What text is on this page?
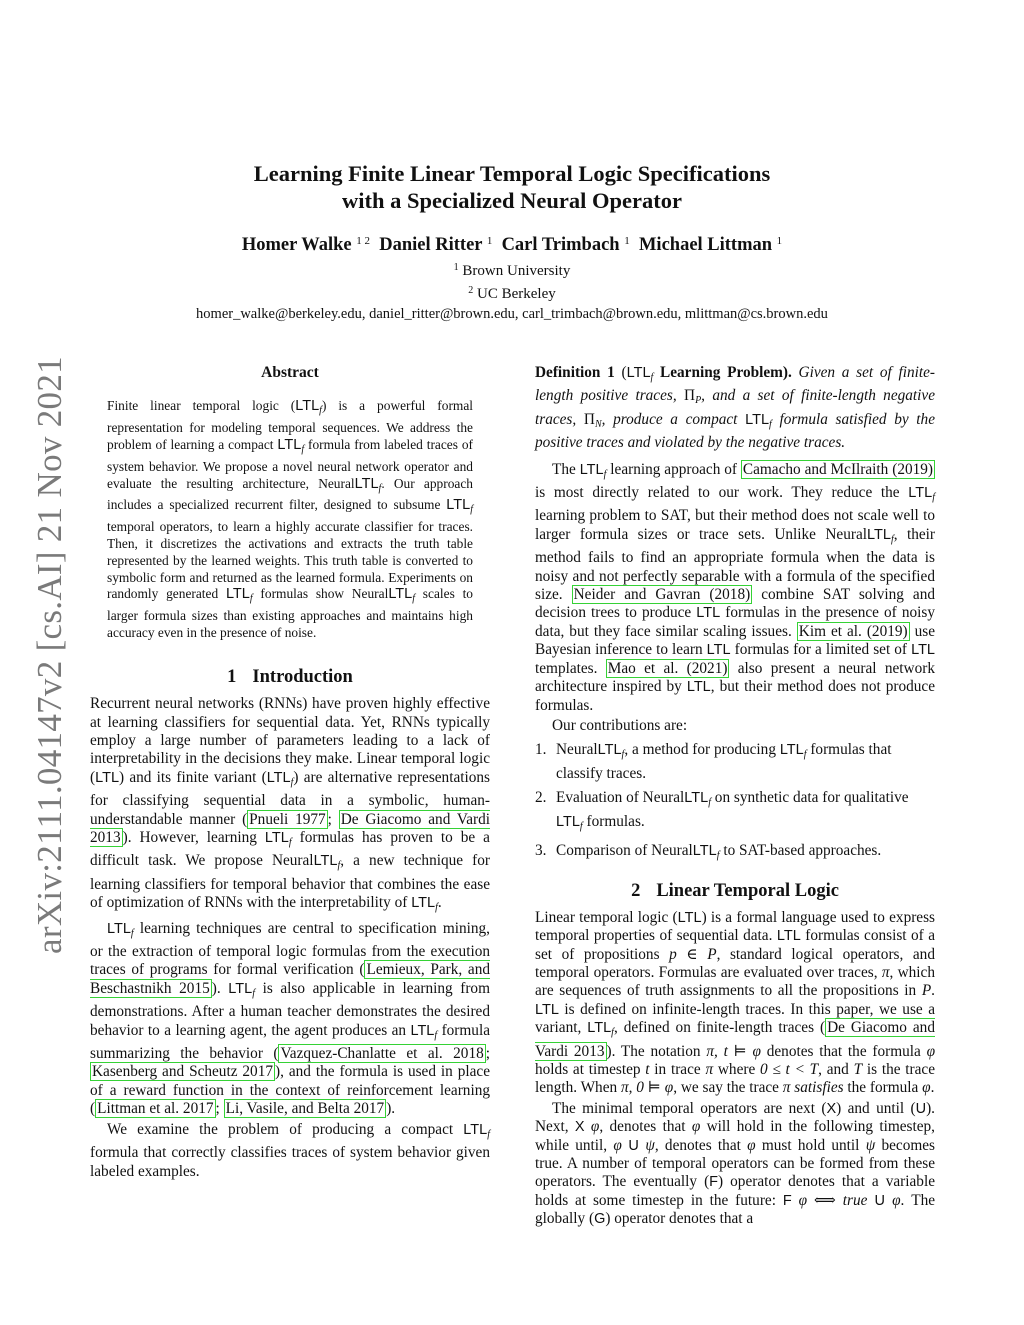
arXiv:2111.04147v2 [cs.AI] 21 Nov 2021
Learning Finite Linear Temporal Logic Specifications
with a Specialized Neural Operator
Homer Walke $^{1 2}$ Daniel Ritter $^1$ Carl Trimbach $^1$ Michael Littman $^1$
$^1$ Brown University
$^2$ UC Berkeley
homer_walke@berkeley.edu, daniel_ritter@brown.edu, carl_trimbach@brown.edu, mlittman@cs.brown.edu
Abstract
Finite linear temporal logic $(LTL_f)$ is a powerful formal representation for modeling temporal sequences. We address the problem of learning a compact $LTL_f$ formula from labeled traces of system behavior. We propose a novel neural network operator and evaluate the resulting architecture, NeuralLTL$_f$. Our approach includes a specialized recurrent filter, designed to subsume $LTL_f$ temporal operators, to learn a highly accurate classifier for traces. Then, it discretizes the activations and extracts the truth table represented by the learned weights. This truth table is converted to symbolic form and returned as the learned formula. Experiments on randomly generated $LTL_f$ formulas show NeuralLTL$_f$ scales to larger formula sizes than existing approaches and maintains high accuracy even in the presence of noise.
1 Introduction

Recurrent neural networks (RNNs) have proven highly effective at learning classifiers for sequential data. Yet, RNNs typically employ a large number of parameters leading to a lack of interpretability in the decisions they make. Linear temporal logic (LTL) and its finite variant $(LTL_f)$ are alternative representations for classifying sequential data in a symbolic, human-understandable manner ( Pnueli 1977 ; De Giacomo and Vardi 2013 ). However, learning $LTL_f$ formulas has proven to be a difficult task. We propose NeuralLTL$_f$, a new technique for learning classifiers for temporal behavior that combines the ease of optimization of RNNs with the interpretability of $LTL_f$.

$LTL_f$ learning techniques are central to specification mining, or the extraction of temporal logic formulas from the execution traces of programs for formal verification ( Lemieux, Park, and Beschastnikh 2015 ). $LTL_f$ is also applicable in learning from demonstrations. After a human teacher demonstrates the desired behavior to a learning agent, the agent produces an $LTL_f$ formula summarizing the behavior ( Vazquez-Chanlatte et al. 2018 ; Kasenberg and Scheutz 2017 ), and the formula is used in place of a reward function in the context of reinforcement learning ( Littman et al. 2017 ; Li, Vasile, and Belta 2017 ).

We examine the problem of producing a compact $LTL_f$ formula that correctly classifies traces of system behavior given labeled examples.

Definition 1 ($LTL_f$ Learning Problem). Given a set of finite-length positive traces, $\Pi_P$, and a set of finite-length negative traces, $\Pi_N$, produce a compact $LTL_f$ formula satisfied by the positive traces and violated by the negative traces.

The $LTL_f$ learning approach of Camacho and McIlraith (2019) is most directly related to our work. They reduce the $LTL_f$ learning problem to SAT, but their method does not scale well to larger formula sizes or trace sets. Unlike NeuralLTL$_f$, their method fails to find an appropriate formula when the data is noisy and not perfectly separable with a formula of the specified size. Neider and Gavran (2018) combine SAT solving and decision trees to produce LTL formulas in the presence of noisy data, but they face similar scaling issues. Kim et al. (2019) use Bayesian inference to learn LTL formulas for a limited set of LTL templates. Mao et al. (2021) also present a neural network architecture inspired by LTL, but their method does not produce formulas.

Our contributions are:

1. NeuralLTL$_f$, a method for producing $LTL_f$ formulas that classify traces.
2. Evaluation of NeuralLTL$_f$ on synthetic data for qualitative $LTL_f$ formulas.
3. Comparison of NeuralLTL$_f$ to SAT-based approaches.
2 Linear Temporal Logic

Linear temporal logic (LTL) is a formal language used to express temporal properties of sequential data. LTL formulas consist of a set of propositions p ∈ P, standard logical operators, and temporal operators. Formulas are evaluated over traces, π, which are sequences of truth assignments to all the propositions in P. LTL is defined on infinite-length traces. In this paper, we use a variant, $LTL_f$, defined on finite-length traces ( De Giacomo and Vardi 2013 ). The notation π, t ⊨ φ denotes that the formula φ holds at timestep t in trace π where 0 ≤ t < T, and T is the trace length. When π, 0 ⊨ φ, we say the trace π satisfies the formula φ.

The minimal temporal operators are next (X) and until (U). Next, X φ, denotes that φ will hold in the following timestep, while until, φ U ψ, denotes that φ must hold until ψ becomes true. A number of temporal operators can be formed from these operators. The eventually (F) operator denotes that a variable holds at some timestep in the future: F φ ⟺ true U φ. The globally (G) operator denotes that a
